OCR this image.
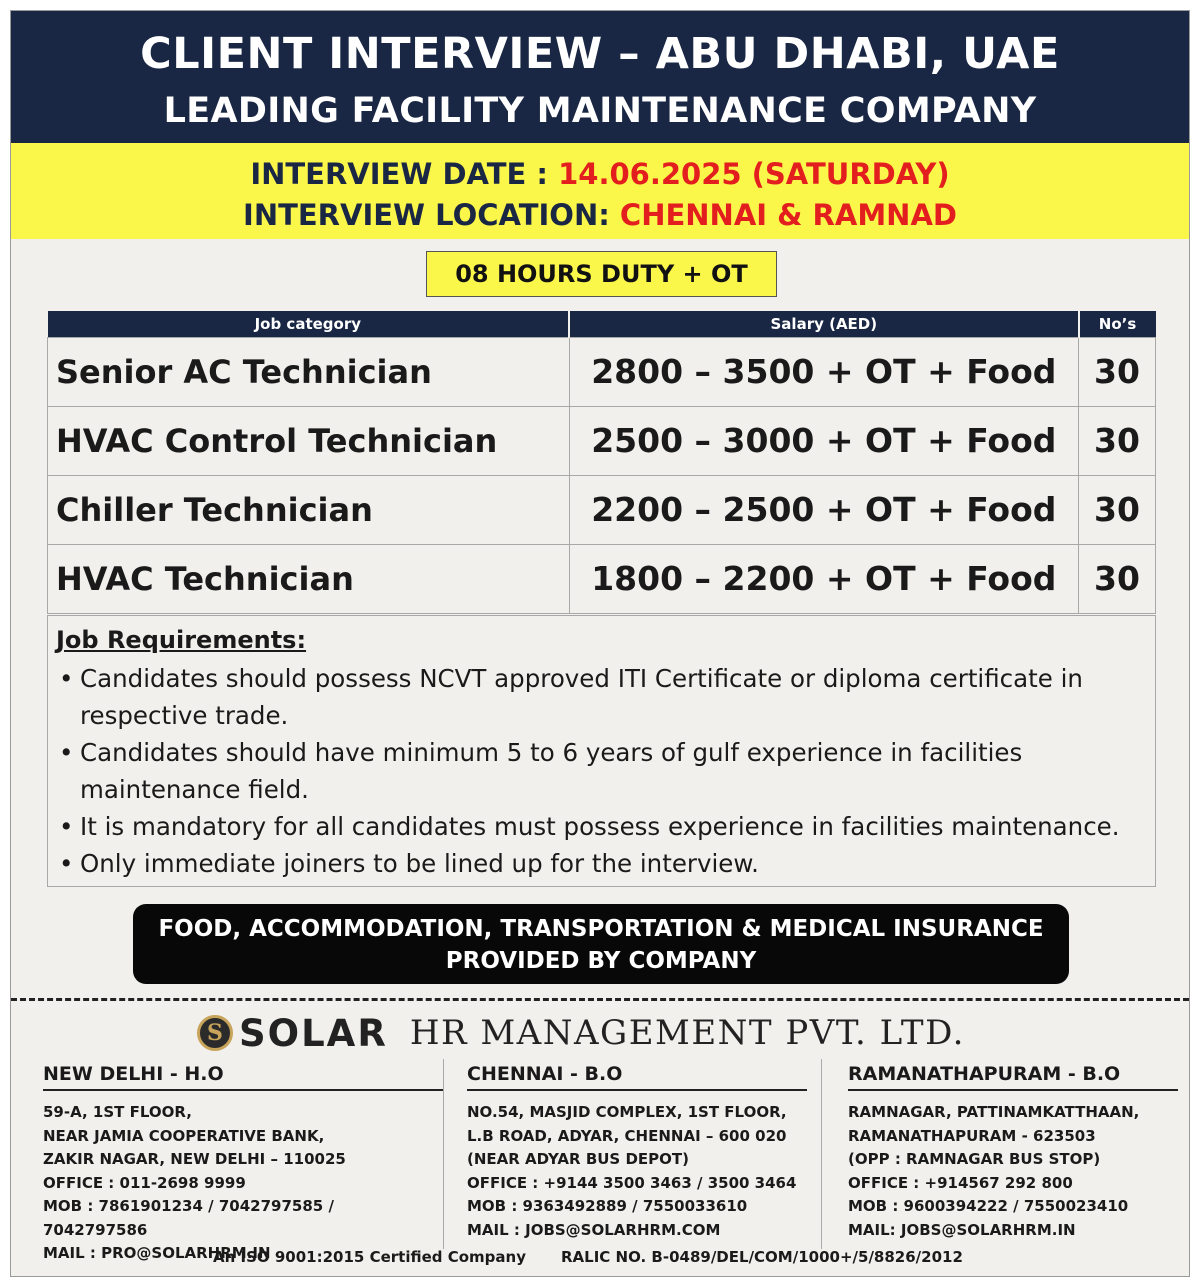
CLIENT INTERVIEW – ABU DHABI, UAE
LEADING FACILITY MAINTENANCE COMPANY
INTERVIEW DATE : 14.06.2025 (SATURDAY)
INTERVIEW LOCATION: CHENNAI & RAMNAD
08 HOURS DUTY + OT
Job category	Salary (AED)	No’s
Senior AC Technician	2800 – 3500 + OT + Food	30
HVAC Control Technician	2500 – 3000 + OT + Food	30
Chiller Technician	2200 – 2500 + OT + Food	30
HVAC Technician	1800 – 2200 + OT + Food	30
Job Requirements:
• Candidates should possess NCVT approved ITI Certificate or diploma certificate in respective trade.
• Candidates should have minimum 5 to 6 years of gulf experience in facilities maintenance field.
• It is mandatory for all candidates must possess experience in facilities maintenance.
• Only immediate joiners to be lined up for the interview.
FOOD, ACCOMMODATION, TRANSPORTATION & MEDICAL INSURANCE
PROVIDED BY COMPANY
S SOLAR HR MANAGEMENT PVT. LTD.
NEW DELHI - H.O
59-A, 1ST FLOOR,
NEAR JAMIA COOPERATIVE BANK,
ZAKIR NAGAR, NEW DELHI – 110025
OFFICE : 011-2698 9999
MOB : 7861901234 / 7042797585 / 7042797586
MAIL : PRO@SOLARHRM.IN
CHENNAI - B.O
NO.54, MASJID COMPLEX, 1ST FLOOR,
L.B ROAD, ADYAR, CHENNAI – 600 020
(NEAR ADYAR BUS DEPOT)
OFFICE : +9144 3500 3463 / 3500 3464
MOB : 9363492889 / 7550033610
MAIL : JOBS@SOLARHRM.COM
RAMANATHAPURAM - B.O
RAMNAGAR, PATTINAMKATTHAAN,
RAMANATHAPURAM - 623503
(OPP : RAMNAGAR BUS STOP)
OFFICE : +914567 292 800
MOB : 9600394222 / 7550023410
MAIL: JOBS@SOLARHRM.IN
An ISO 9001:2015 Certified Company RALIC NO. B-0489/DEL/COM/1000+/5/8826/2012
